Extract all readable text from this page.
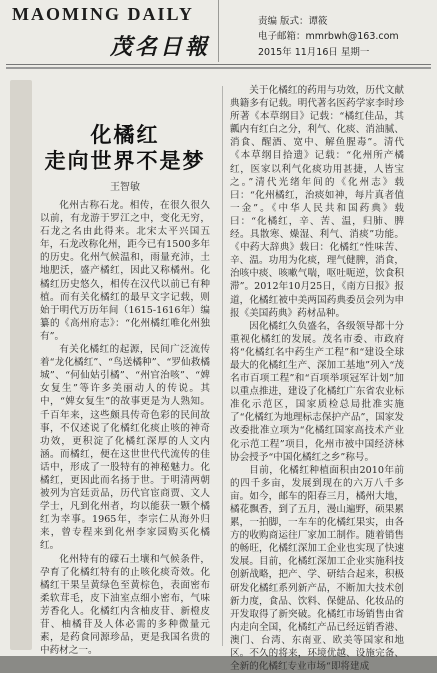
MAOMING DAILY
茂名日報
责编 版式：谭筱
电子邮箱：mmrbwh@163.com
2015年 11月16日 星期一
化橘红
走向世界不是梦
王智敏

化州古称石龙。相传，在很久很久以前，有龙游于罗江之中，变化无穷，石龙之名由此得来。北宋太平兴国五年，石龙改称化州，距今已有1500多年的历史。化州气候温和，雨量充沛，土地肥沃，盛产橘红，因此又称橘州。化橘红历史悠久，相传在汉代以前已有种植。而有关化橘红的最早文字记载，则始于明代万历年间（1615-1616年）编纂的《高州府志》：“化州橘红唯化州独有”。

有关化橘红的起源，民间广泛流传着“龙化橘红”、“鸟送橘种”、“罗仙救橘城”、“何仙姑引橘”、“州官治咳”、“婢女复生”等许多美丽动人的传说。其中，“婢女复生”的故事更是为人熟知。千百年来，这些颇具传奇色彩的民间故事，不仅述说了化橘红化痰止咳的神奇功效，更积淀了化橘红深厚的人文内涵。而橘红，便在这世世代代流传的佳话中，形成了一股特有的神秘魅力。化橘红，更因此而名扬于世。于明清两朝被列为宫廷贡品，历代官宦商贾、文人学士，凡到化州者，均以能获一颗个橘红为幸事。1965年，李宗仁从海外归来，曾专程来到化州李家园购买化橘红。

化州特有的礞石土壤和气候条件，孕育了化橘红特有的止咳化痰奇效。化橘红干果呈黄绿色至黄棕色，表面密布柔软茸毛，皮下油室点细小密布，气味芳香化人。化橘红内含柚皮苷、新橙皮苷、柚橘苷及人体必需的多种微量元素，是药食同源珍品，更是我国名贵的中药材之一。

关于化橘红的药用与功效，历代文献典籍多有记载。明代著名医药学家李时珍所著《本草纲目》记载：“橘红佳品，其瓤内有红白之分，利气、化痰、消油腻、消食、醒酒、宽中、解鱼腥毒”。清代《本草纲目拾遗》记载：“化州所产橘红，医家以利气化痰功用甚捷，人皆宝之。”清代光绪年间的《化州志》载曰：“化州橘红，治痰如神，每片真者值一金”。《中华人民共和国药典》载曰：“化橘红，辛、苦、温，归肺、脾经。具散寒、燥湿、利气、消痰”功能。《中药大辞典》载曰：化橘红“性味苦、辛、温。功用为化痰，理气健脾，消食，治咳中痰、咳嗽气喘，呕吐呃逆，饮食积滞”。2012年10月25日，《南方日报》报道，化橘红被中美两国药典委员会列为申报《美国药典》药材品种。

因化橘红久负盛名，各级领导都十分重视化橘红的发展。茂名市委、市政府将“化橘红名中药生产工程”和“建设全球最大的化橘红生产、深加工基地”列入“茂名市百项工程”和“百项举项冠军计划”加以重点推进，建设了化橘红广东省农业标准化示范区，国家质检总局批准实施了“化橘红为地理标志保护产品”，国家发改委批准立项为“化橘红国家高技术产业化示范工程”项目，化州市被中国经济林协会授予“中国化橘红之乡”称号。

目前，化橘红种植面积由2010年前的四千多亩，发展到现在的六万八千多亩。如今，邮车的阳春三月，橘州大地，橘花飘香，到了五月，漫山遍野，硕果累累，一拍脚，一车车的化橘红果实，由各方的收购商运往厂家加工制作。随着销售的畅旺，化橘红深加工企业也实现了快速发展。目前，化橘红深加工企业实施科技创新战略，把产、学、研结合起来，积极研发化橘红系列新产品，不断加大技术创新力度，食品、饮料、保健品、化妆品的开发取得了新突破。化橘红市场销售由省内走向全国，化橘红产品已经远销香港、澳门、台湾、东南亚、欧美等国家和地区。不久的将来，环境优越、设施完备、全新的化橘红专业市场“即将建成
